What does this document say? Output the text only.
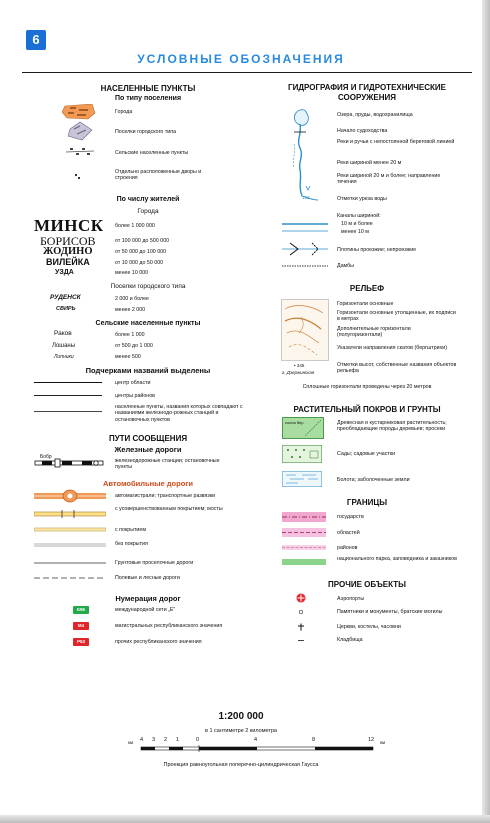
6
УСЛОВНЫЕ ОБОЗНАЧЕНИЯ
НАСЕЛЕННЫЕ ПУНКТЫ
По типу поселения
Города
Поселки городского типа
Сельские населенные пункты
Отдельно расположенные дворы и строения
По числу жителей
Города
МИНСК более 1 000 000
БОРИСОВ	от 100 000 до 500 000
ЖОДИНО	от 50 000 до 100 000
ВИЛЕЙКА	от 10 000 до 50 000
УЗДА	менее 10 000
Поселки городского типа
РУДЕНСК	2 000 и более
СВИРЬ	менее 2 000
Сельские населенные пункты
Раков	более 1 000
Лошаны	от 500 до 1 000
Липники	менее 500
Подчерками названий выделены
центр области
центры районов
населенные пункты, названия которых совпадают с названиями железнодо-рожных станций и остановочных пунктов
ПУТИ СООБЩЕНИЯ
Железные дороги
Бобр
железнодорожные станции; остановочные пункты
Автомобильные дороги
автомагистрали; транспортные развязки
с усовершенствованным покрытием; мосты
с покрытием
без покрытия
Грунтовые проселочные дороги
Полевые и лесные дороги
Нумерация дорог
E95	международной сети „Е"
M4	магистральных республиканского значения
P53	прочих республиканского значения
ГИДРОГРАФИЯ И ГИДРОТЕХНИЧЕСКИЕ
СООРУЖЕНИЯ
Озера, пруды, водохранилища
Начало судоходства
Реки и ручьи с непостоянной береговой линией
Реки шириной менее 20 м
Реки шириной 20 м и более; направление течения
153	Отметки уреза воды
Каналы шириной:
10 м и более
менее 10 м
Плотины проезжие; непроезжие
Дамбы
РЕЛЬЕФ
Горизонтали основные
Горизонтали основные утолщенные, их подписи в метрах
Дополнительные горизонтали (полугоризонтали)
Указатели направления скатов (бергштрихи)
• 345
г. Дзержинская
Отметки высот, собственные названия объектов рельефа
Сплошные горизонтали проведены через 20 метров
РАСТИТЕЛЬНЫЙ ПОКРОВ И ГРУНТЫ
сосна бер.	Древесная и кустарниковая растительность; преобладающие породы деревьев; просеки
Сады; садовые участки
Болота; заболоченные земли
ГРАНИЦЫ
государств
областей
районов
национального парка, заповедника и заказников
ПРОЧИЕ ОБЪЕКТЫ
Аэропорты
Памятники и монументы, братские могилы
Церкви, костелы, часовни
Кладбища
1:200 000
в 1 сантиметре 2 километра
км 4 3 2 1	0	4	8	12 км
Проекция равноугольная поперечно-цилиндрическая Гаусса
